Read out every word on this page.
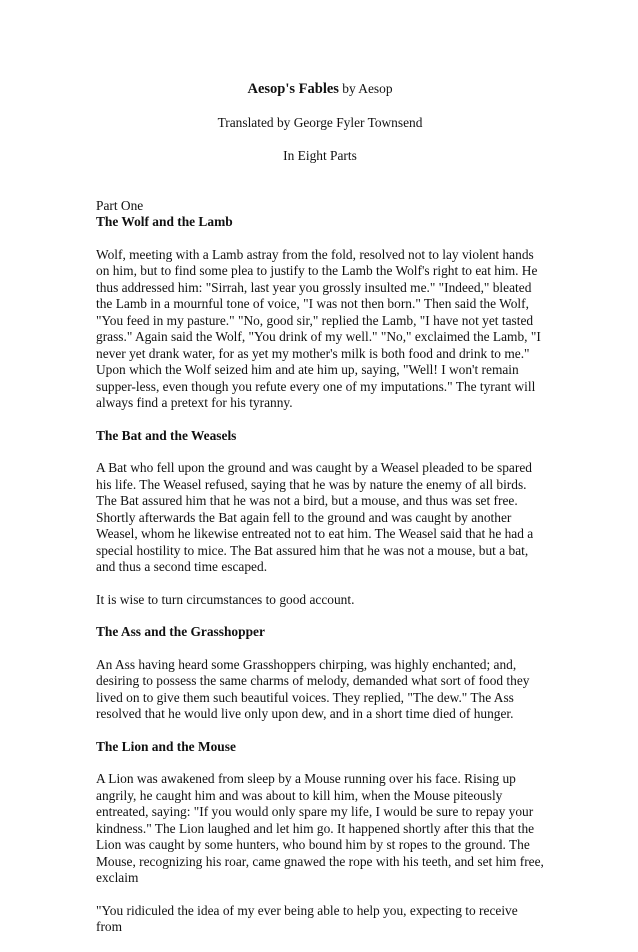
Aesop's Fables by Aesop

Translated by George Fyler Townsend

In Eight Parts

Part One

The Wolf and the Lamb

Wolf, meeting with a Lamb astray from the fold, resolved not to lay violent hands on him, but to find some plea to justify to the Lamb the Wolf's right to eat him. He thus addressed him: "Sirrah, last year you grossly insulted me." "Indeed," bleated the Lamb in a mournful tone of voice, "I was not then born." Then said the Wolf, "You feed in my pasture." "No, good sir," replied the Lamb, "I have not yet tasted grass." Again said the Wolf, "You drink of my well." "No," exclaimed the Lamb, "I never yet drank water, for as yet my mother's milk is both food and drink to me." Upon which the Wolf seized him and ate him up, saying, "Well! I won't remain supper-less, even though you refute every one of my imputations." The tyrant will always find a pretext for his tyranny.

The Bat and the Weasels

A Bat who fell upon the ground and was caught by a Weasel pleaded to be spared his life. The Weasel refused, saying that he was by nature the enemy of all birds. The Bat assured him that he was not a bird, but a mouse, and thus was set free. Shortly afterwards the Bat again fell to the ground and was caught by another Weasel, whom he likewise entreated not to eat him. The Weasel said that he had a special hostility to mice. The Bat assured him that he was not a mouse, but a bat, and thus a second time escaped.

It is wise to turn circumstances to good account.

The Ass and the Grasshopper

An Ass having heard some Grasshoppers chirping, was highly enchanted; and, desiring to possess the same charms of melody, demanded what sort of food they lived on to give them such beautiful voices. They replied, "The dew." The Ass resolved that he would live only upon dew, and in a short time died of hunger.

The Lion and the Mouse

A Lion was awakened from sleep by a Mouse running over his face. Rising up angrily, he caught him and was about to kill him, when the Mouse piteously entreated, saying: "If you would only spare my life, I would be sure to repay your kindness." The Lion laughed and let him go. It happened shortly after this that the Lion was caught by some hunters, who bound him by st ropes to the ground. The Mouse, recognizing his roar, came gnawed the rope with his teeth, and set him free, exclaim

"You ridiculed the idea of my ever being able to help you, expecting to receive from
